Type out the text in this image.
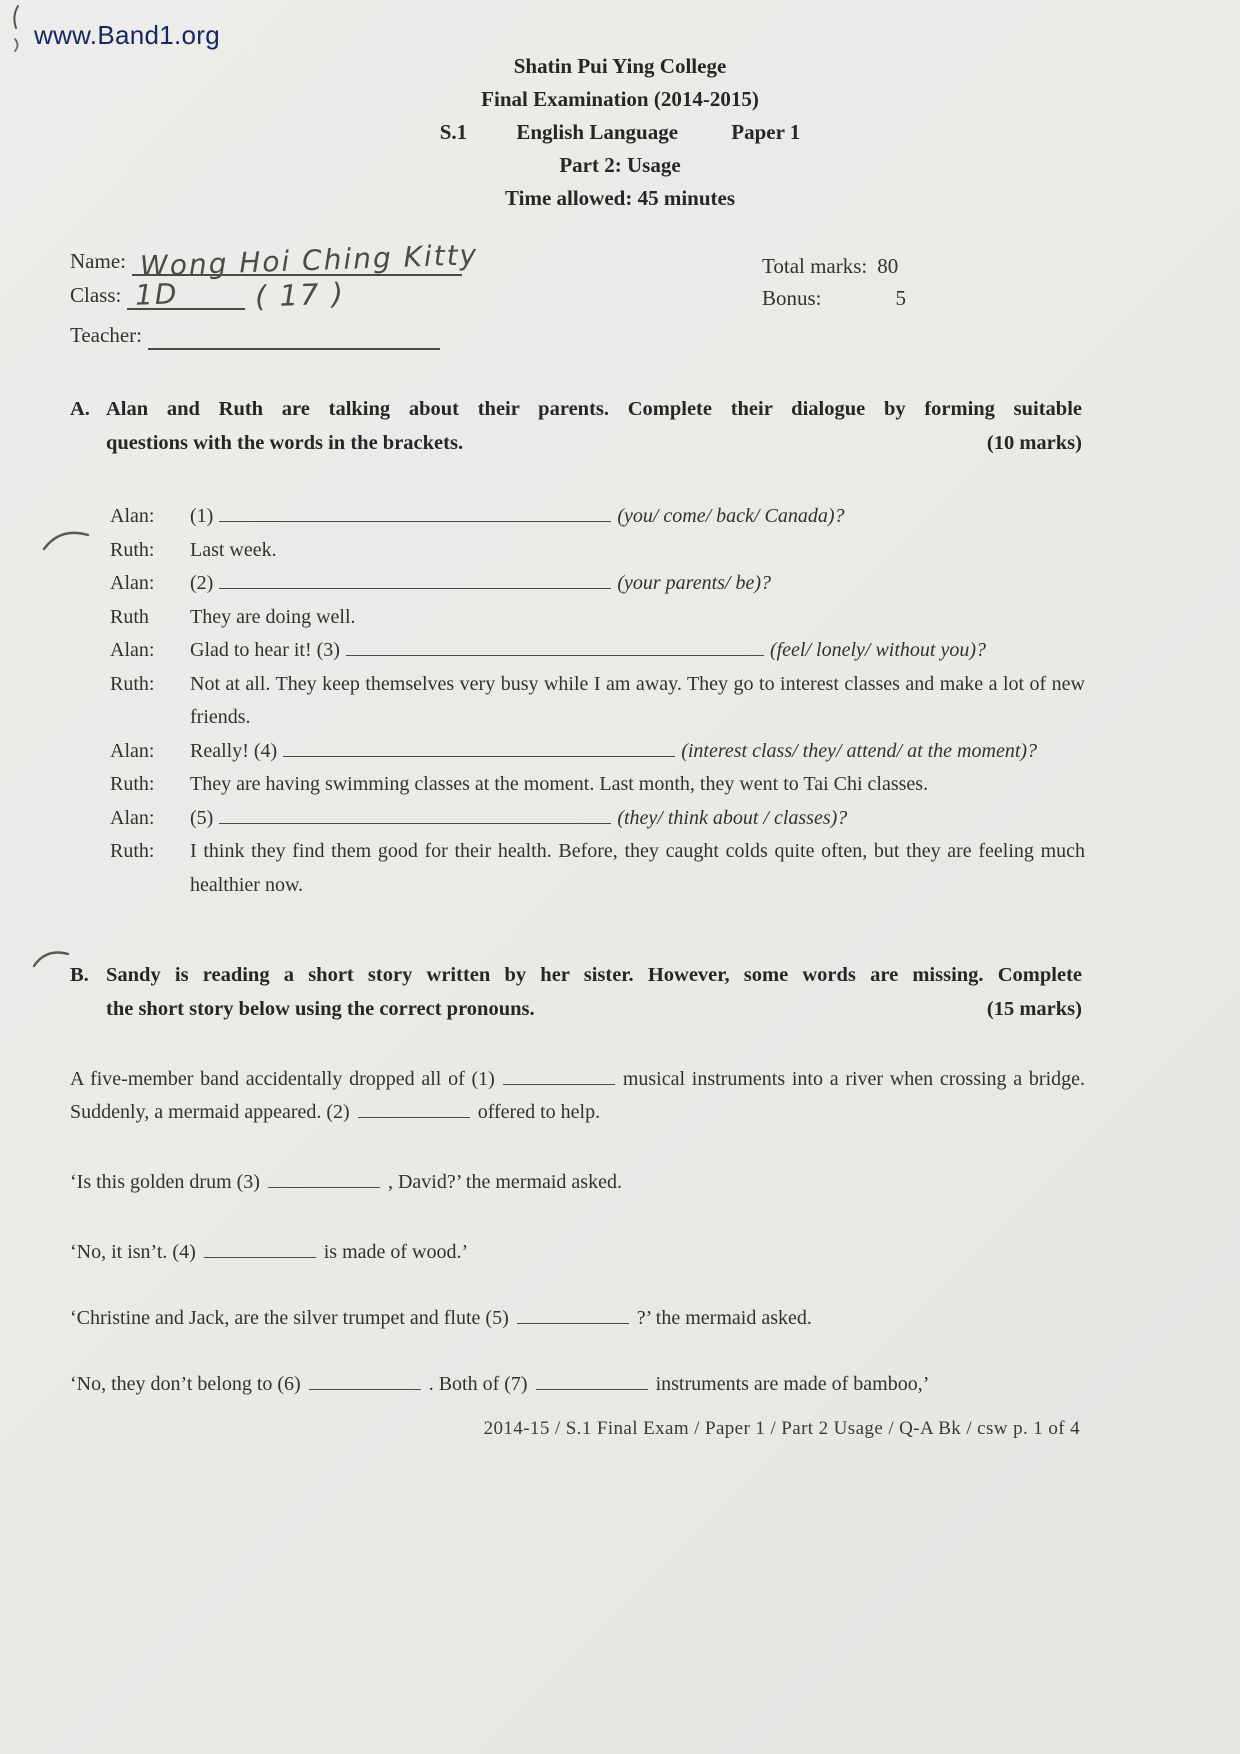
www.Band1.org
Shatin Pui Ying College
Final Examination (2014-2015)
S.1 English Language	Paper 1
Part 2: Usage
Time allowed: 45 minutes
Name: Wong Hoi Ching Kitty
Class: 1D	( 17 )
Teacher:
Total marks: 80
Bonus:	5
A. Alan and Ruth are talking about their parents. Complete their dialogue by forming suitable
questions with the words in the brackets.	(10 marks)
Alan:	(1)	(you/ come/ back/ Canada)?
Ruth:	Last week.
Alan:	(2)	(your parents/ be)?
Ruth	They are doing well.
Alan:	Glad to hear it! (3)	(feel/ lonely/ without you)?
Ruth:	Not at all. They keep themselves very busy while I am away. They go to interest classes and make a lot of new friends.
Alan:	Really! (4)	(interest class/ they/ attend/ at the moment)?
Ruth:	They are having swimming classes at the moment. Last month, they went to Tai Chi classes.
Alan:	(5)	(they/ think about / classes)?
Ruth:	I think they find them good for their health. Before, they caught colds quite often, but they are feeling much healthier now.
B. Sandy is reading a short story written by her sister. However, some words are missing. Complete
the short story below using the correct pronouns.	(15 marks)

A five-member band accidentally dropped all of (1)	musical instruments into a river when crossing a bridge. Suddenly, a mermaid appeared. (2)	offered to help.

‘Is this golden drum (3)	, David?’ the mermaid asked.

‘No, it isn’t. (4)	is made of wood.’

‘Christine and Jack, are the silver trumpet and flute (5)	?’ the mermaid asked.

‘No, they don’t belong to (6)	. Both of (7)	instruments are made of bamboo,’

2014-15 / S.1 Final Exam / Paper 1 / Part 2 Usage / Q-A Bk / csw p. 1 of 4
